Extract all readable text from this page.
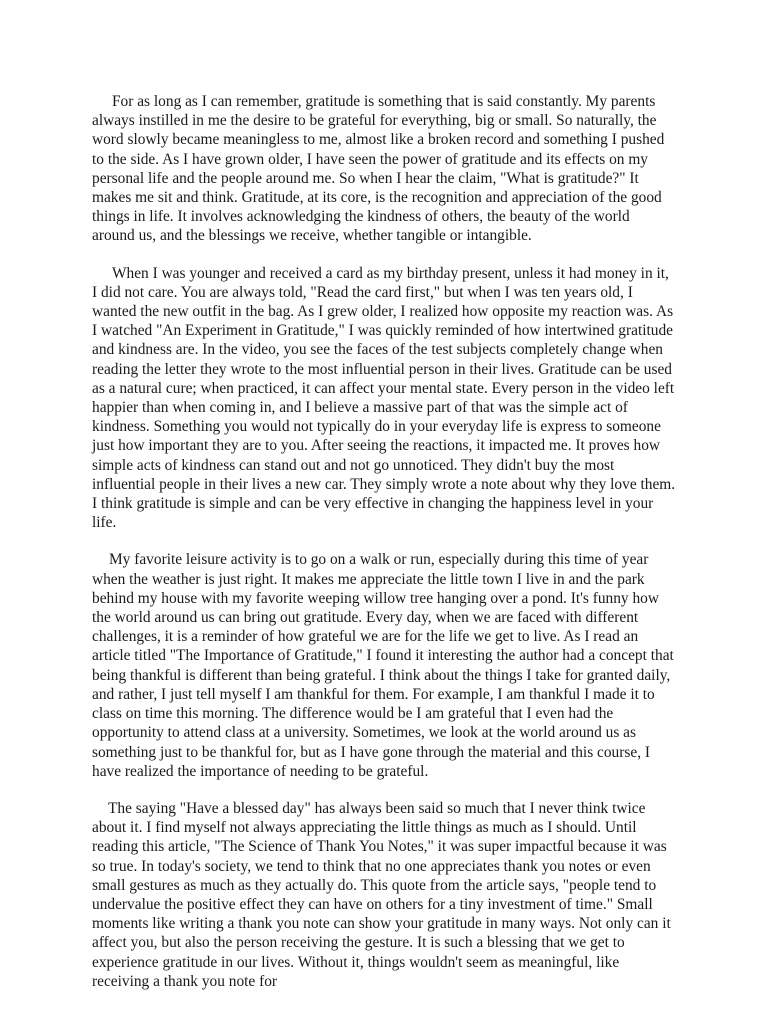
For as long as I can remember, gratitude is something that is said constantly. My parents always instilled in me the desire to be grateful for everything, big or small. So naturally, the word slowly became meaningless to me, almost like a broken record and something I pushed to the side. As I have grown older, I have seen the power of gratitude and its effects on my personal life and the people around me. So when I hear the claim, "What is gratitude?" It makes me sit and think. Gratitude, at its core, is the recognition and appreciation of the good things in life. It involves acknowledging the kindness of others, the beauty of the world around us, and the blessings we receive, whether tangible or intangible.

When I was younger and received a card as my birthday present, unless it had money in it, I did not care. You are always told, "Read the card first," but when I was ten years old, I wanted the new outfit in the bag. As I grew older, I realized how opposite my reaction was. As I watched "An Experiment in Gratitude," I was quickly reminded of how intertwined gratitude and kindness are. In the video, you see the faces of the test subjects completely change when reading the letter they wrote to the most influential person in their lives. Gratitude can be used as a natural cure; when practiced, it can affect your mental state. Every person in the video left happier than when coming in, and I believe a massive part of that was the simple act of kindness. Something you would not typically do in your everyday life is express to someone just how important they are to you. After seeing the reactions, it impacted me. It proves how simple acts of kindness can stand out and not go unnoticed. They didn't buy the most influential people in their lives a new car. They simply wrote a note about why they love them. I think gratitude is simple and can be very effective in changing the happiness level in your life.

My favorite leisure activity is to go on a walk or run, especially during this time of year when the weather is just right. It makes me appreciate the little town I live in and the park behind my house with my favorite weeping willow tree hanging over a pond. It's funny how the world around us can bring out gratitude. Every day, when we are faced with different challenges, it is a reminder of how grateful we are for the life we get to live. As I read an article titled "The Importance of Gratitude," I found it interesting the author had a concept that being thankful is different than being grateful. I think about the things I take for granted daily, and rather, I just tell myself I am thankful for them. For example, I am thankful I made it to class on time this morning. The difference would be I am grateful that I even had the opportunity to attend class at a university. Sometimes, we look at the world around us as something just to be thankful for, but as I have gone through the material and this course, I have realized the importance of needing to be grateful.

The saying "Have a blessed day" has always been said so much that I never think twice about it. I find myself not always appreciating the little things as much as I should. Until reading this article, "The Science of Thank You Notes," it was super impactful because it was so true. In today's society, we tend to think that no one appreciates thank you notes or even small gestures as much as they actually do. This quote from the article says, "people tend to undervalue the positive effect they can have on others for a tiny investment of time." Small moments like writing a thank you note can show your gratitude in many ways. Not only can it affect you, but also the person receiving the gesture. It is such a blessing that we get to experience gratitude in our lives. Without it, things wouldn't seem as meaningful, like receiving a thank you note for
